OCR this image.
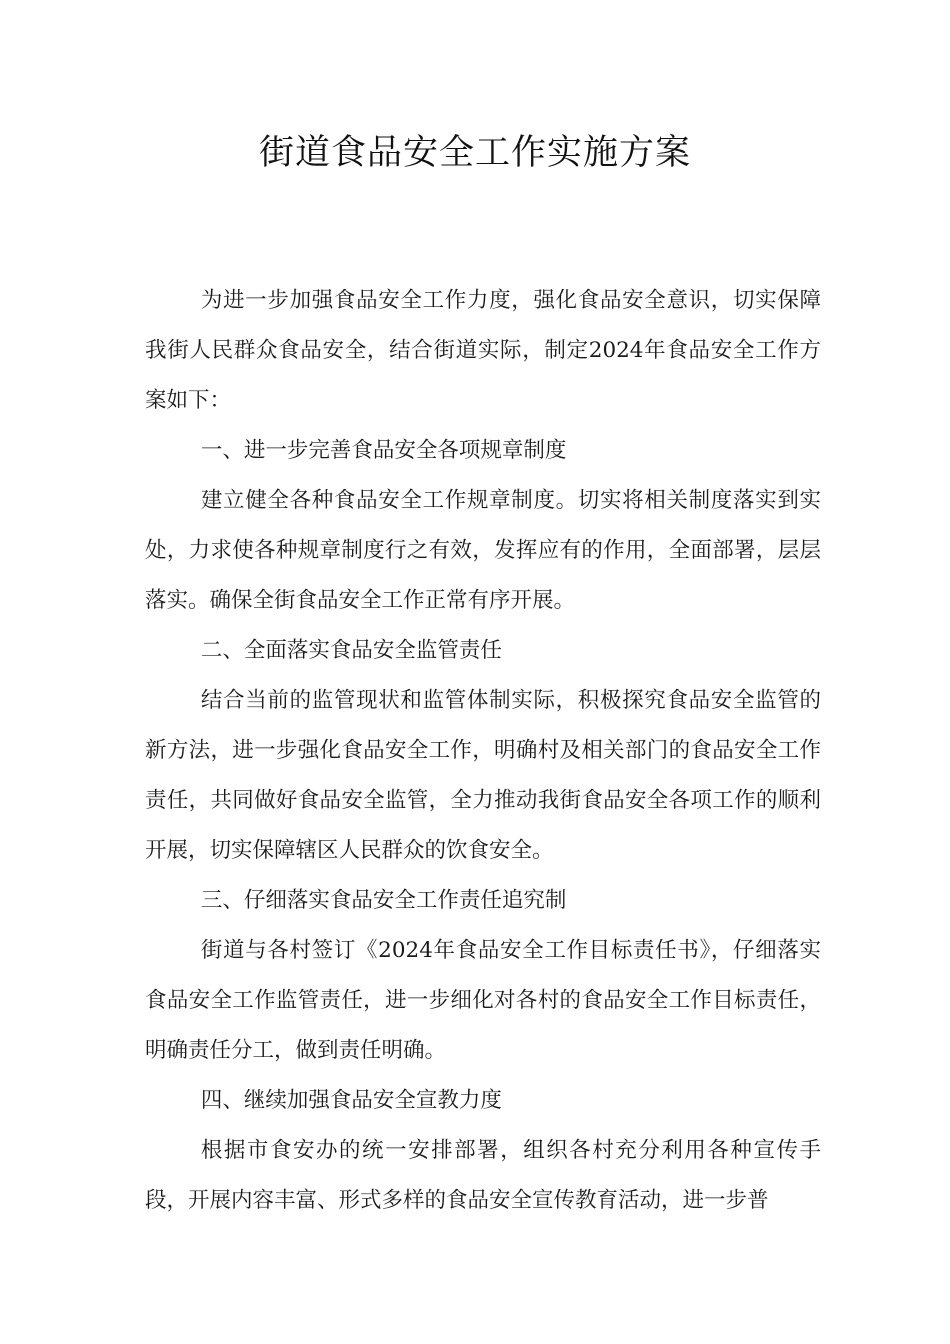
街道食品安全工作实施方案

为进一步加强食品安全工作力度，强化食品安全意识，切实保障我街人民群众食品安全，结合街道实际，制定2024年食品安全工作方案如下：

一、进一步完善食品安全各项规章制度

建立健全各种食品安全工作规章制度。切实将相关制度落实到实处，力求使各种规章制度行之有效，发挥应有的作用，全面部署，层层落实。确保全街食品安全工作正常有序开展。

二、全面落实食品安全监管责任

结合当前的监管现状和监管体制实际，积极探究食品安全监管的新方法，进一步强化食品安全工作，明确村及相关部门的食品安全工作责任，共同做好食品安全监管，全力推动我街食品安全各项工作的顺利开展，切实保障辖区人民群众的饮食安全。

三、仔细落实食品安全工作责任追究制

街道与各村签订《2024年食品安全工作目标责任书》，仔细落实食品安全工作监管责任，进一步细化对各村的食品安全工作目标责任，明确责任分工，做到责任明确。

四、继续加强食品安全宣教力度

根据市食安办的统一安排部署，组织各村充分利用各种宣传手段，开展内容丰富、形式多样的食品安全宣传教育活动，进一步普
